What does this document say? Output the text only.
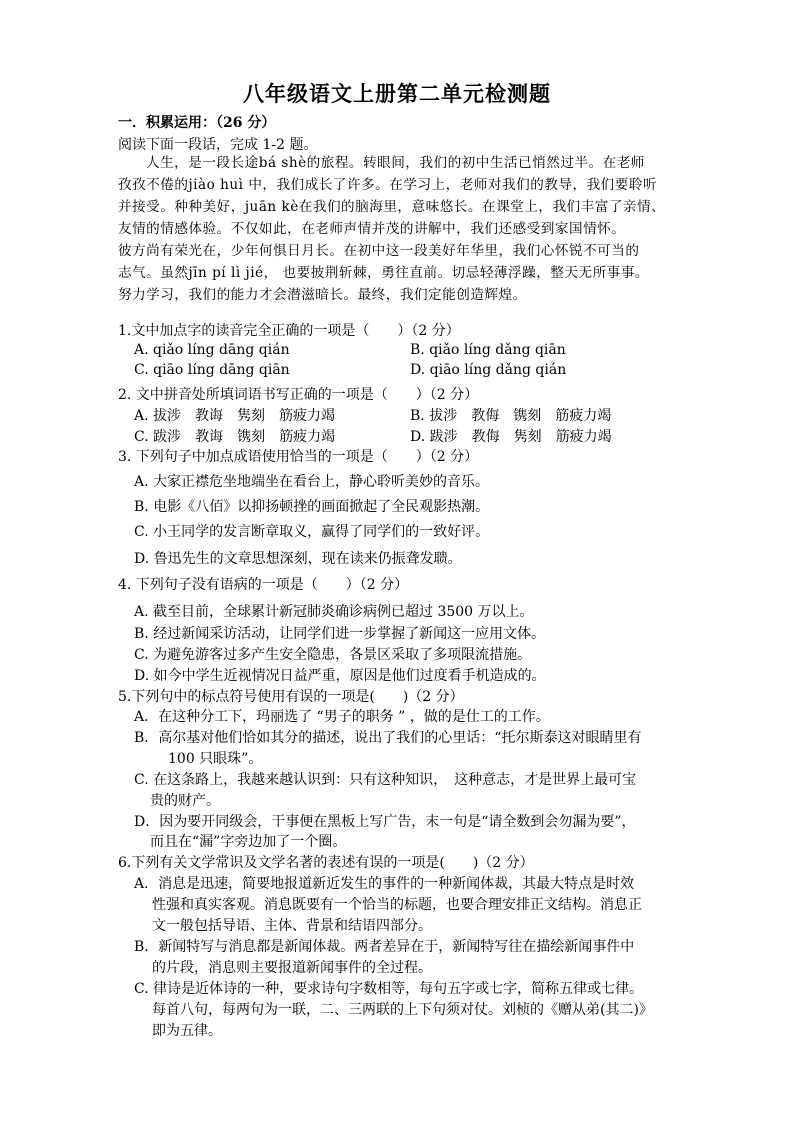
八年级语文上册第二单元检测题
一．积累运用：（26 分）
阅读下面一段话，完成 1-2 题。

人生，是一段长途bá shè的旅程。转眼间，我们的初中生活已悄然过半。在老师

孜孜不倦的jiào huì 中，我们成长了许多。在学习上，老师对我们的教导，我们要聆听

并接受。种种美好，juān kè在我们的脑海里，意味悠长。在课堂上，我们丰富了亲情、

友情的情感体验。不仅如此，在老师声情并茂的讲解中，我们还感受到家国情怀。

彼方尚有荣光在，少年何惧日月长。在初中这一段美好年华里，我们心怀锐不可当的

志气。虽然jīn pí lì jié， 也要披荆斩棘，勇往直前。切忌轻薄浮躁，整天无所事事。

努力学习，我们的能力才会潜滋暗长。最终，我们定能创造辉煌。

1.文中加点字的读音完全正确的一项是（　　）（2 分）
A. qiǎo líng dāng qián	B. qiǎo líng dǎng qiān
C. qiāo líng dāng qiān	D. qiāo líng dǎng qián
2. 文中拼音处所填词语书写正确的一项是（　　）（2 分）
A. 拔涉　教诲　隽刻　筋疲力竭	B. 拔涉　教侮　镌刻　筋疲力竭
C. 跋涉　教诲　镌刻　筋疲力竭	D. 跋涉　教侮　隽刻　筋疲力竭
3. 下列句子中加点成语使用恰当的一项是（　　）（2 分）
A. 大家正襟危坐地端坐在看台上，静心聆听美妙的音乐。
B. 电影《八佰》以抑扬顿挫的画面掀起了全民观影热潮。
C. 小王同学的发言断章取义，赢得了同学们的一致好评。
D. 鲁迅先生的文章思想深刻，现在读来仍振聋发聩。
4. 下列句子没有语病的一项是（　　）（2 分）
A. 截至目前，全球累计新冠肺炎确诊病例已超过 3500 万以上。
B. 经过新闻采访活动，让同学们进一步掌握了新闻这一应用文体。
C. 为避免游客过多产生安全隐患，各景区采取了多项限流措施。
D. 如今中学生近视情况日益严重，原因是他们过度看手机造成的。
5.下列句中的标点符号使用有误的一项是(　　)（2 分）
A．在这种分工下，玛丽选了 “男子的职务 ” ，做的是仕工的工作。
B．高尔基对他们恰如其分的描述，说出了我们的心里话：“托尔斯泰这对眼睛里有
100 只眼珠”。
C. 在这条路上，我越来越认识到：只有这种知识，　这种意志，才是世界上最可宝
贵的财产。
D．因为要开同级会，干事便在黑板上写广告，末一句是“请全数到会勿漏为要”，
而且在“漏”字旁边加了一个圈。
6.下列有关文学常识及文学名著的表述有误的一项是(　　)（2 分）
A．消息是迅速，简要地报道新近发生的事件的一种新闻体裁，其最大特点是时效
性强和真实客观。消息既要有一个恰当的标题，也要合理安排正文结构。消息正
文一般包括导语、主体、背景和结语四部分。
B．新闻特写与消息都是新闻体裁。两者差异在于，新闻特写往在描绘新闻事件中
的片段，消息则主要报道新闻事件的全过程。
C. 律诗是近体诗的一种，要求诗句字数相等，每句五字或七字，简称五律或七律。
每首八句，每两句为一联，二、三两联的上下句须对仗。刘桢的《赠从弟(其二)》
即为五律。
